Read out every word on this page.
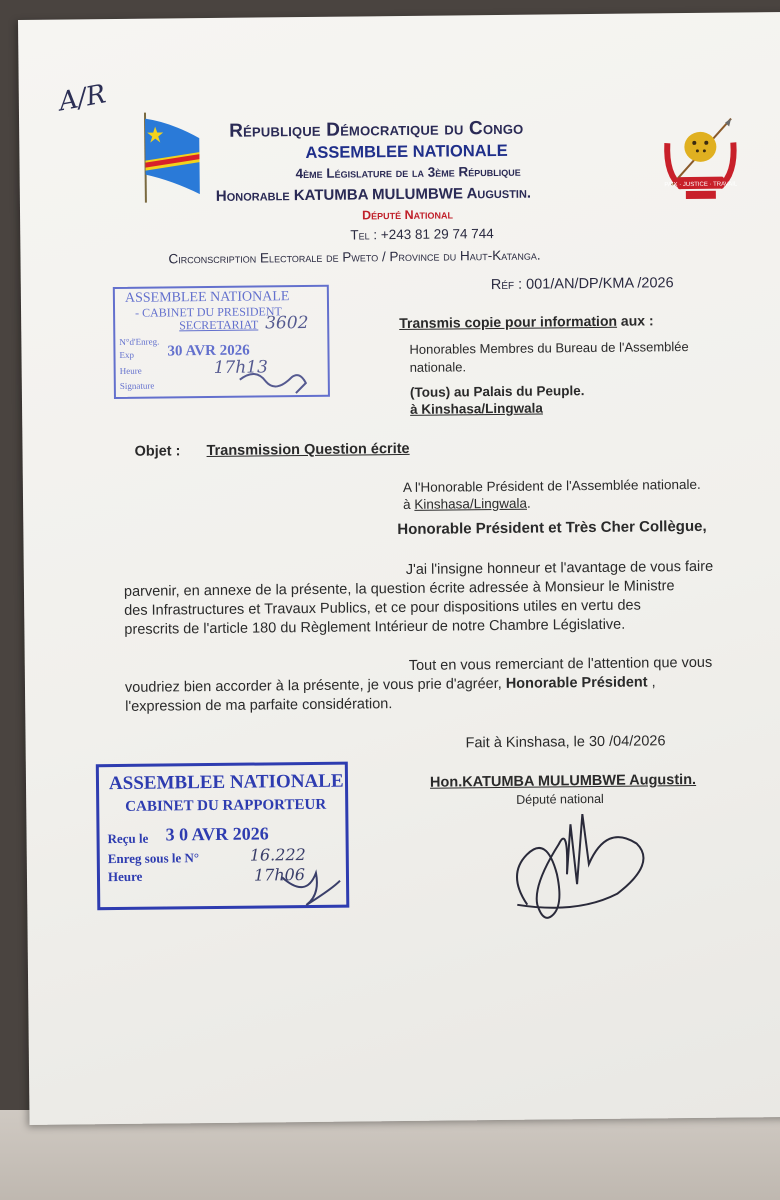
A/R
PAIX · JUSTICE · TRAVAIL
République Démocratique du Congo
ASSEMBLEE NATIONALE
4ème Législature de la 3ème République
Honorable KATUMBA MULUMBWE Augustin.
Député National
Tel : +243 81 29 74 744
Circonscription Electorale de Pweto / Province du Haut-Katanga.
Réf : 001/AN/DP/KMA /2026
ASSEMBLEE NATIONALE
- CABINET DU PRESIDENT
SECRETARIAT 3602
N°d'Enreg.
Exp 30 AVR 2026
Heure	17h13
Signature
Transmis copie pour information aux :
Honorables Membres du Bureau de l'Assemblée
nationale.
(Tous) au Palais du Peuple.
à Kinshasa/Lingwala
Objet : Transmission Question écrite
A l'Honorable Président de l'Assemblée nationale.
à Kinshasa/Lingwala.
Honorable Président et Très Cher Collègue,
J'ai l'insigne honneur et l'avantage de vous faire
parvenir, en annexe de la présente, la question écrite adressée à Monsieur le Ministre
des Infrastructures et Travaux Publics, et ce pour dispositions utiles en vertu des
prescrits de l'article 180 du Règlement Intérieur de notre Chambre Législative.
Tout en vous remerciant de l'attention que vous
voudriez bien accorder à la présente, je vous prie d'agréer, Honorable Président ,
l'expression de ma parfaite considération.
Fait à Kinshasa, le 30 /04/2026
Hon.KATUMBA MULUMBWE Augustin.
Député national
ASSEMBLEE NATIONALE
CABINET DU RAPPORTEUR
Reçu le 3 0 AVR 2026
Enreg sous le N°	16.222
Heure	17h06
